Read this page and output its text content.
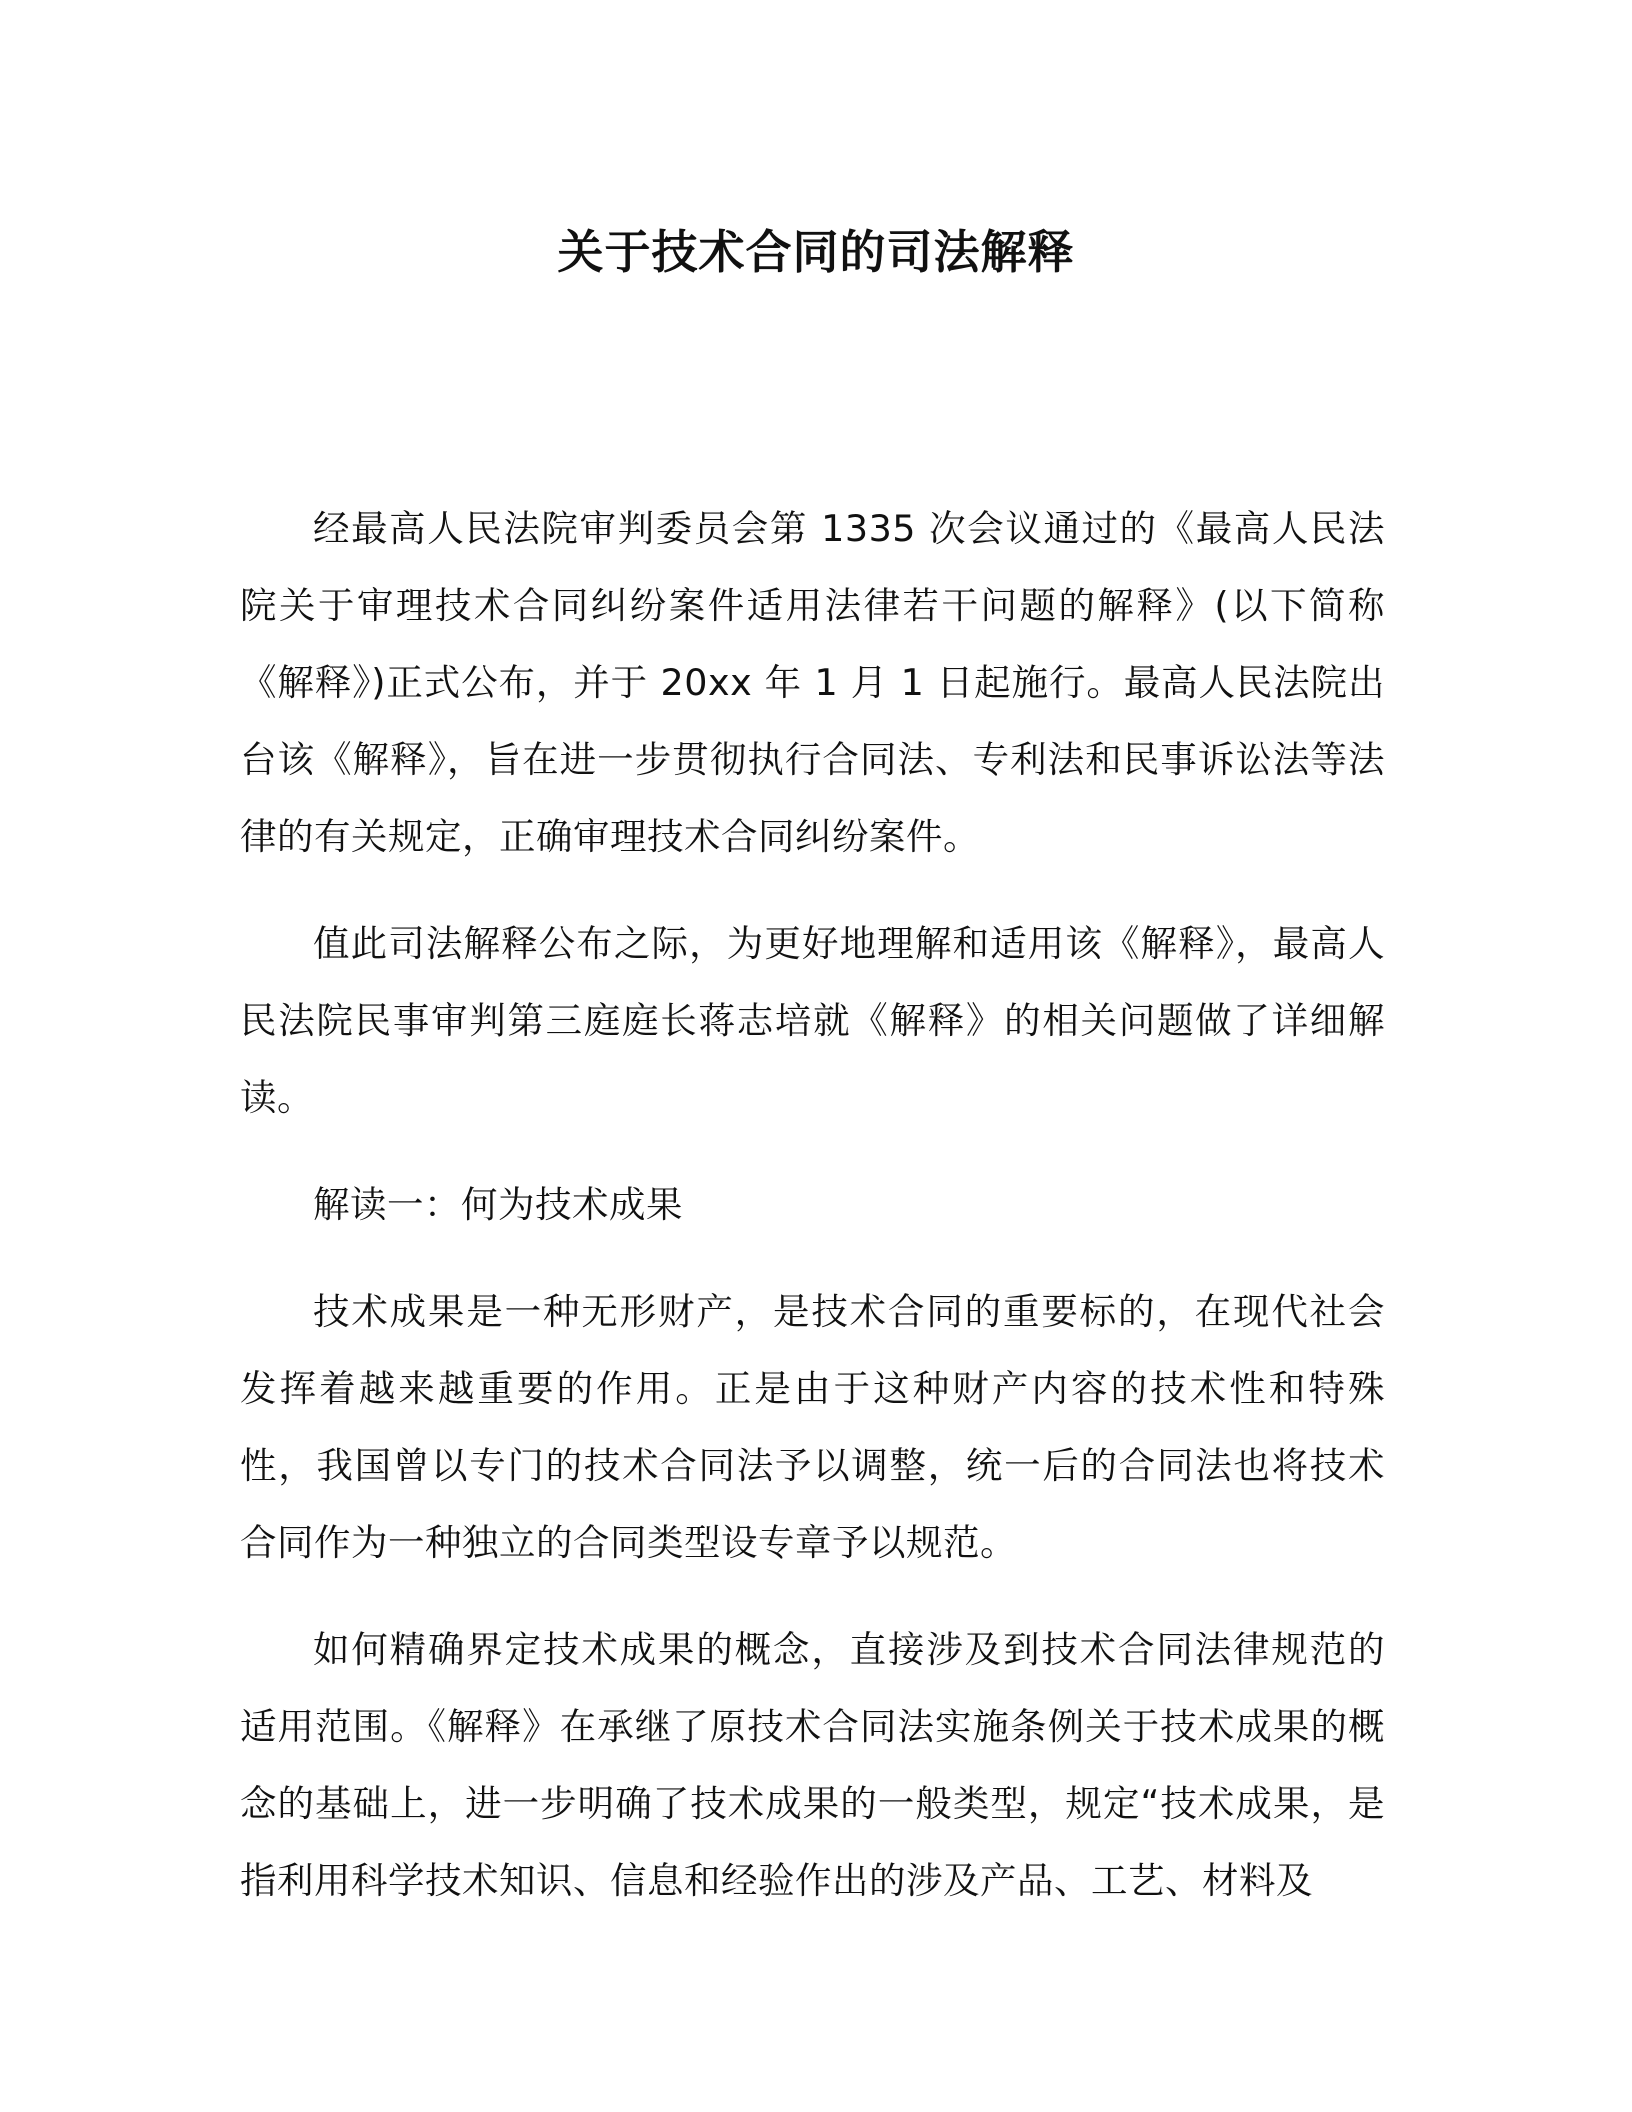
关于技术合同的司法解释

经最高人民法院审判委员会第 1335 次会议通过的《最高人民法院关于审理技术合同纠纷案件适用法律若干问题的解释》(以下简称《解释》)正式公布，并于 20xx 年 1 月 1 日起施行。最高人民法院出台该《解释》，旨在进一步贯彻执行合同法、专利法和民事诉讼法等法律的有关规定，正确审理技术合同纠纷案件。

值此司法解释公布之际，为更好地理解和适用该《解释》，最高人民法院民事审判第三庭庭长蒋志培就《解释》的相关问题做了详细解读。

解读一：何为技术成果

技术成果是一种无形财产，是技术合同的重要标的，在现代社会发挥着越来越重要的作用。正是由于这种财产内容的技术性和特殊性，我国曾以专门的技术合同法予以调整，统一后的合同法也将技术合同作为一种独立的合同类型设专章予以规范。

如何精确界定技术成果的概念，直接涉及到技术合同法律规范的适用范围。《解释》在承继了原技术合同法实施条例关于技术成果的概念的基础上，进一步明确了技术成果的一般类型，规定“技术成果，是指利用科学技术知识、信息和经验作出的涉及产品、工艺、材料及
